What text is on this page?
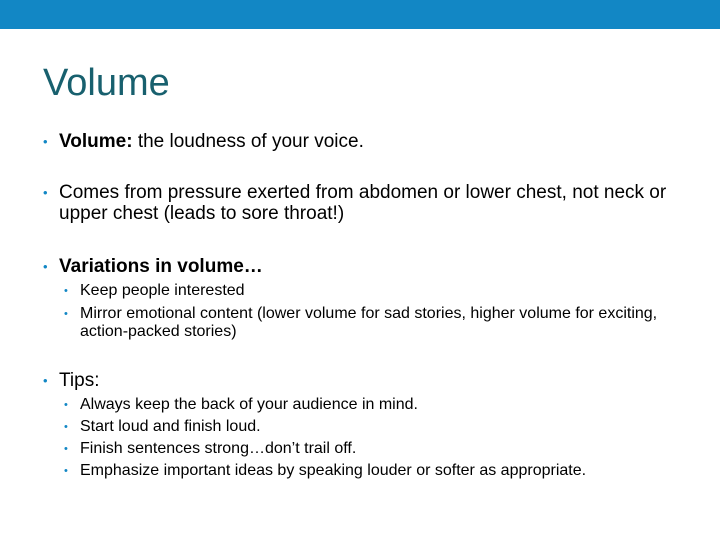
Volume
• Volume: the loudness of your voice.
• Comes from pressure exerted from abdomen or lower chest, not neck or upper chest (leads to sore throat!)
• Variations in volume…
• Keep people interested
• Mirror emotional content (lower volume for sad stories, higher volume for exciting, action-packed stories)
• Tips:
• Always keep the back of your audience in mind.
• Start loud and finish loud.
• Finish sentences strong…don’t trail off.
• Emphasize important ideas by speaking louder or softer as appropriate.
